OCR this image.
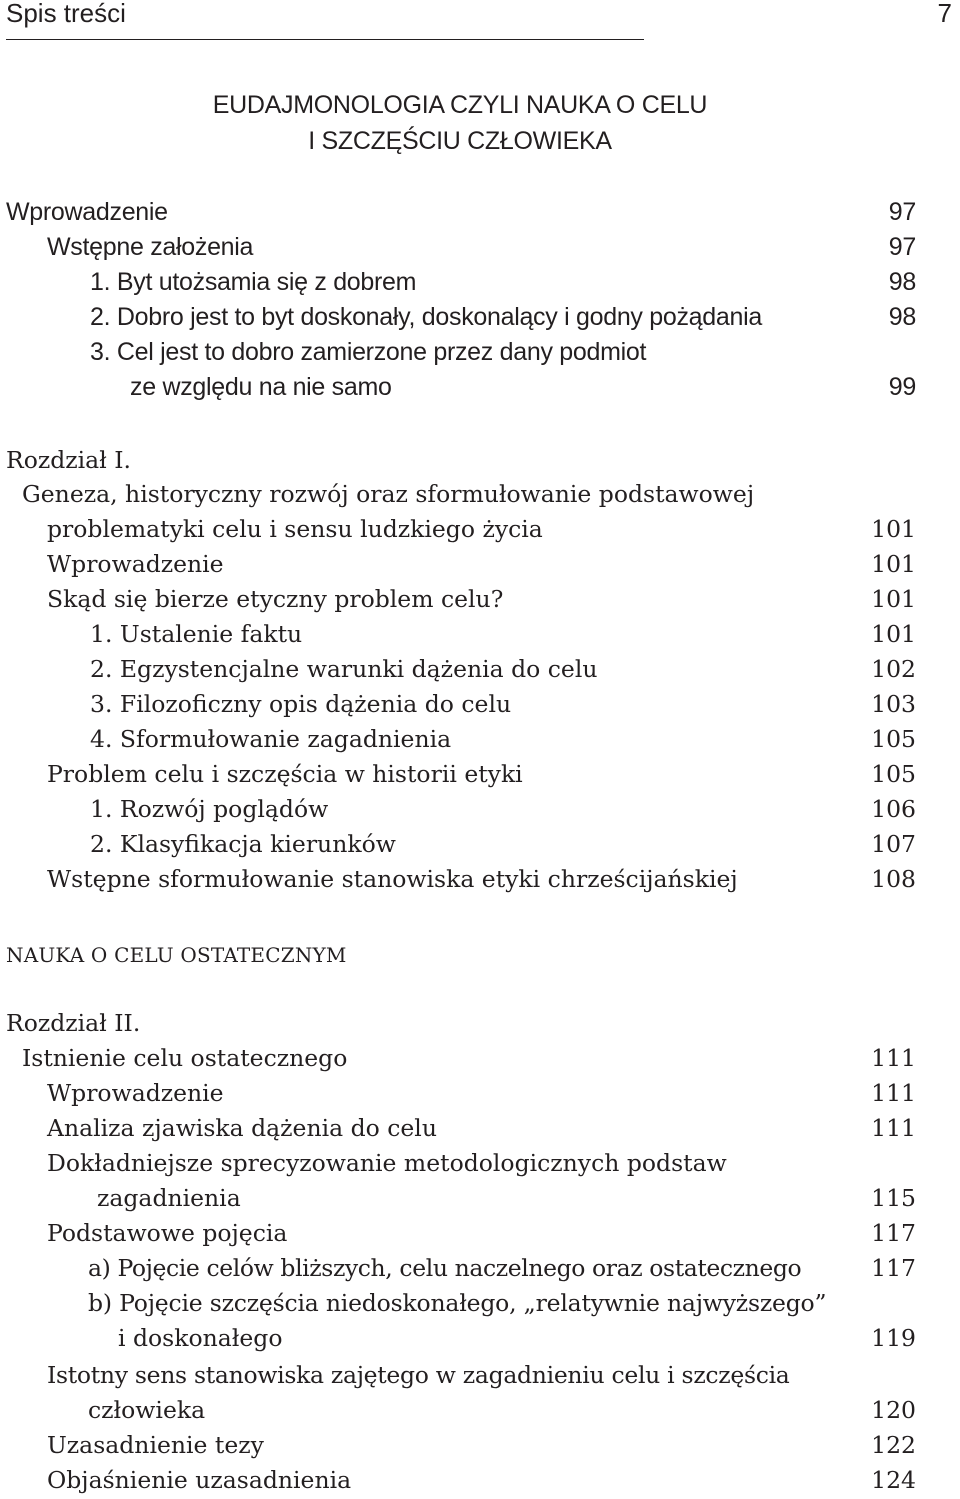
Spis treści	7
EUDAJMONOLOGIA CZYLI NAUKA O CELU
I SZCZĘŚCIU CZŁOWIEKA
Wprowadzenie	97
Wstępne założenia	97
1. Byt utożsamia się z dobrem	98
2. Dobro jest to byt doskonały, doskonalący i godny pożądania	98
3. Cel jest to dobro zamierzone przez dany podmiot
ze względu na nie samo	99
Rozdział I.
Geneza, historyczny rozwój oraz sformułowanie podstawowej
problematyki celu i sensu ludzkiego życia	101
Wprowadzenie	101
Skąd się bierze etyczny problem celu?	101
1. Ustalenie faktu	101
2. Egzystencjalne warunki dążenia do celu	102
3. Filozoficzny opis dążenia do celu	103
4. Sformułowanie zagadnienia	105
Problem celu i szczęścia w historii etyki	105
1. Rozwój poglądów	106
2. Klasyfikacja kierunków	107
Wstępne sformułowanie stanowiska etyki chrześcijańskiej	108
NAUKA O CELU OSTATECZNYM
Rozdział II.
Istnienie celu ostatecznego	111
Wprowadzenie	111
Analiza zjawiska dążenia do celu	111
Dokładniejsze sprecyzowanie metodologicznych podstaw
zagadnienia	115
Podstawowe pojęcia	117
a) Pojęcie celów bliższych, celu naczelnego oraz ostatecznego	117
b) Pojęcie szczęścia niedoskonałego, „relatywnie najwyższego”
i doskonałego	119
Istotny sens stanowiska zajętego w zagadnieniu celu i szczęścia
człowieka	120
Uzasadnienie tezy	122
Objaśnienie uzasadnienia	124
